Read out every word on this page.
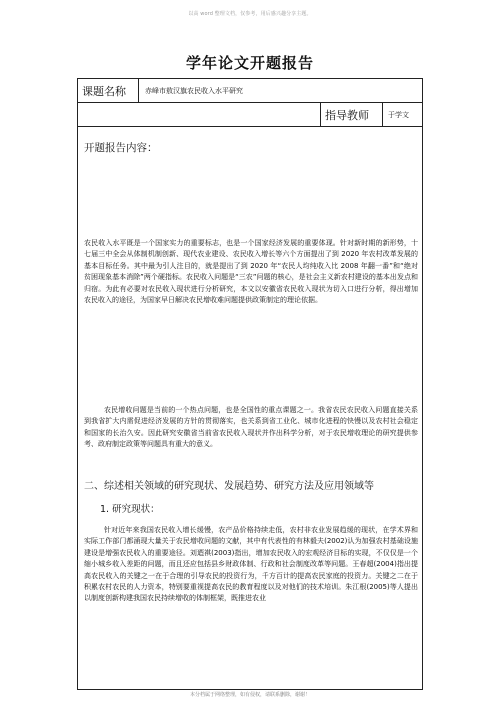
以高 word 整理文档，仅参考，用后感兴趣分享主题。
学年论文开题报告
课题名称	赤峰市敖汉旗农民收入水平研究
指导教师	于学文
开题报告内容：

农民收入水平既是一个国家实力的重要标志，也是一个国家经济发展的重要体现。针对新时期的新形势，十七届三中全会从体制机制创新、现代农业建设、农民收入增长等六个方面提出了到 2020 年农村改革发展的基本目标任务。其中最为引人注目的，就是提出了到 2020 年“农民人均纯收入比 2008 年翻一番”和“绝对贫困现象基本消除”两个硬指标。农民收入问题是“三农”问题的核心，是社会主义新农村建设的基本出发点和归宿。为此有必要对农民收入现状进行分析研究，本文以安徽省农民收入现状为切入口进行分析，得出增加农民收入的途径，为国家早日解决农民增收难问题提供政策制定的理论依据。

农民增收问题是当前的一个热点问题，也是全国性的重点课题之一。我省农民农民收入问题直接关系到我省扩大内需促进经济发展的方针的贯彻落实，也关系到省工业化、城市化进程的快慢以及农村社会稳定和国家的长治久安。因此研究安徽省当前省农民收入现状并作出科学分析，对于农民增收理论的研究提供参考、政府制定政策等问题具有重大的意义。

二、综述相关领域的研究现状、发展趋势、研究方法及应用领域等
1. 研究现状：

针对近年来我国农民收入增长缓慢，农产品价格持续走低，农村非农业发展趋缓的现状，在学术界和实际工作部门都涌现大量关于农民增收问题的文献，其中有代表性的有林毅夫(2002)认为加强农村基础设施建设是增强农民收入的重要途径。刘迺祺(2003)指出，增加农民收入的宏观经济目标的实现，不仅仅是一个缩小城乡收入差距的问题，而且还应包括县乡财政体制、行政和社会制度改革等问题。王春超(2004)指出提高农民收入的关键之一在于合理的引导农民的投资行为，千方百计的提高农民家庭的投资力。关键之二在于积累农村农民的人力资本，特别要重视提高农民的教育程度以及对他们的技术培训。朱江根(2005)等人提出以制度创新构建我国农民持续增收的体制框架，既推进农业

本分档属于网络整理，如有侵权，请联系删除，谢谢！
